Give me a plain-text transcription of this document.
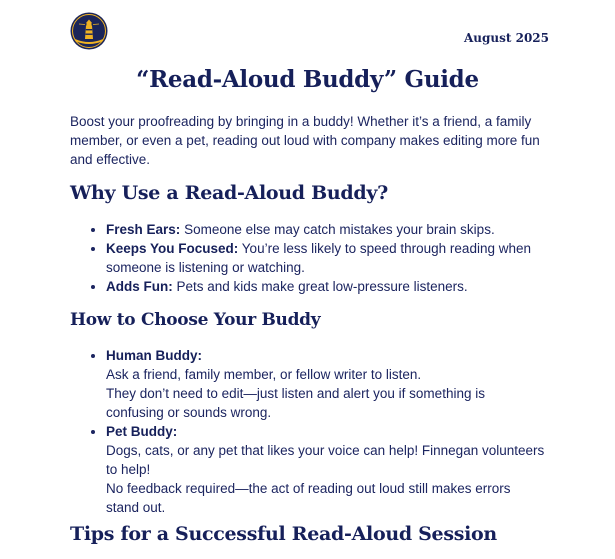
August 2025
“Read-Aloud Buddy” Guide

Boost your proofreading by bringing in a buddy! Whether it’s a friend, a family member, or even a pet, reading out loud with company makes editing more fun and effective.

Why Use a Read-Aloud Buddy?
• Fresh Ears: Someone else may catch mistakes your brain skips.
• Keeps You Focused: You’re less likely to speed through reading when someone is listening or watching.
• Adds Fun: Pets and kids make great low-pressure listeners.
How to Choose Your Buddy
• Human Buddy:
Ask a friend, family member, or fellow writer to listen.
They don’t need to edit—just listen and alert you if something is confusing or sounds wrong.
• Pet Buddy:
Dogs, cats, or any pet that likes your voice can help! Finnegan volunteers to help!
No feedback required—the act of reading out loud still makes errors stand out.
Tips for a Successful Read-Aloud Session
